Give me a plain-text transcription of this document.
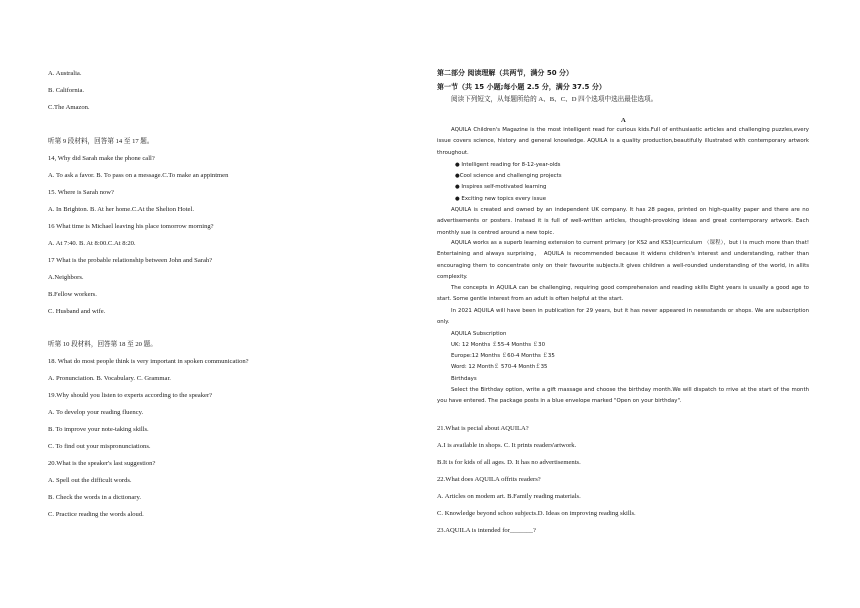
A. Australia.
B. California.
C.The Amazon.
听第 9 段材料，回答第 14 至 17 题。
14, Why did Sarah make the phone call?
A. To ask a favor. B. To pass on a message.C.To make an appintmen
15. Where is Sarah now?
A. In Brighton. B. At her home.C.At the Shelton Hotel.
16 What time is Michael leaving his place tomorrow morning?
A. At 7:40. B. At 8:00.C.At 8:20.
17 What is the probable relationship between John and Sarah?
A.Neighbors.
B.Fellow workers.
C. Husband and wife.
听第 10 段材料，回答第 18 至 20 题。
18. What do most people think is very important in spoken communication?
A. Pronunciation. B. Vocabulary. C. Grammar.
19.Why should you listen to experts according to the speaker?
A. To develop your reading fluency.
B. To improve your note-taking skills.
C. To find out your mispronunciations.
20.What is the speaker's last suggestion?
A. Spell out the difficult words.
B. Check the words in a dictionary.
C. Practice reading the words aloud.
第二部分 阅读理解（共两节，满分 50 分）
第一节（共 15 小题;每小题 2.5 分，满分 37.5 分）
阅读下列短文，从每题所给的 A、B、C、D 四个选项中选出最佳选项。
A
AQUILA Children's Magazine is the most intelligent read for curious kids.Full of enthusiastic articles and challenging puzzles,every issue covers science, history and general knowledge. AQUILA is a quality production,beautifully illustrated with contemporary artwork throughout.
● Intelligent reading for 8-12-year-olds
●Cool science and challenging projects
● Inspires self-motivated learning
● Exciting new topics every issue
AQUILA is created and owned by an independent UK company. It has 28 pages, printed on high-quality paper and there are no advertisements or posters. Instead it is full of well-written articles, thought-provoking ideas and great contemporary artwork. Each monthly sue is centred around a new topic.
AQUILA works as a superb learning extension to current primary (or KS2 and KS3)curriculum （课程），but i is much more than that! Entertaining and always surprising， AQUILA is recommended because it widens children's interest and understanding, rather than encouraging them to concentrate only on their favourite subjects.It gives children a well-rounded understanding of the world, in allits complexity.
The concepts in AQUILA can be challenging, requiring good comprehension and reading skills Eight years is usually a good age to start. Some gentle interest from an adult is often helpful at the start.
In 2021 AQUILA will have been in publication for 29 years, but it has never appeared in newsstands or shops. We are subscription only.
AQUILA Subscription
UK: 12 Months ￡55-4 Months ￡30
Europe:12 Months ￡60-4 Months ￡35
Word: 12 Month￡ 570-4 Month￡35
Birthdays
Select the Birthday option, write a gift massage and choose the birthday month.We will dispatch to rrive at the start of the month you have entered. The package posts in a blue envelope marked "Open on your birthday".
21.What is pecial about AQUILA?
A.I is available in shops. C. It prints readers'artwork.
B.It is for kids of all ages. D. It has no advertisements.
22.What does AQUILA offrits readers?
A. Articles on modem art. B.Family reading materials.
C. Knowledge beyond schoo subjects.D. Ideas on improving reading skills.
23.AQUILA is intended for_______?
